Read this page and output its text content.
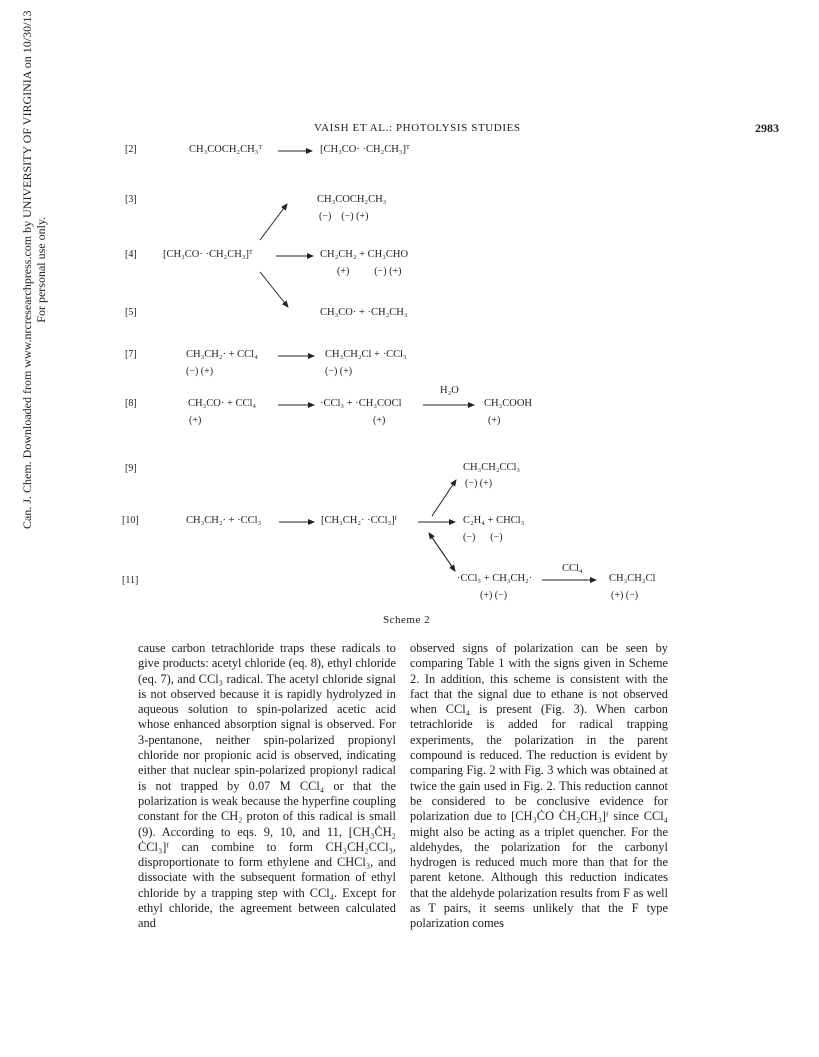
Can. J. Chem. Downloaded from www.nrcresearchpress.com by UNIVERSITY OF VIRGINIA on 10/30/13 For personal use only.
VAISH ET AL.: PHOTOLYSIS STUDIES	2983
[2]	CH₃COCH₂CH₃ᵀ	[CH₃CO· ·CH₂CH₃]ᵀ
[3]	CH₃COCH₂CH₃
(−)    (−) (+)
[4]	[CH₃CO· ·CH₂CH₃]ᵀ	CH₂CH₂ + CH₃CHO
(+)          (−) (+)
[5]	CH₃CO· + ·CH₂CH₃
[7]	CH₃CH₂· + CCl₄
(−) (+)
CH₃CH₂Cl + ·CCl₃
(−) (+)
[8]	CH₃CO· + CCl₄
(+)
·CCl₃ + ·CH₃COCl
(+)
H₂O
CH₃COOH
(+)
[9]	CH₃CH₂CCl₃
(−) (+)
[10]	CH₃CH₂· + ·CCl₃	[CH₃CH₂· ·CCl₃]ᶠ	C₂H₄ + CHCl₃
(−)      (−)
[11]	·CCl₃ + CH₃CH₂·
(+) (−)
CCl₄
CH₃CH₂Cl
(+) (−)
Scheme 2

cause carbon tetrachloride traps these radicals to give products: acetyl chloride (eq. 8), ethyl chloride (eq. 7), and CCl₃ radical. The acetyl chloride signal is not observed because it is rapidly hydrolyzed in aqueous solution to spin-polarized acetic acid whose enhanced absorption signal is observed. For 3-pentanone, neither spin-polarized propionyl chloride nor propionic acid is observed, indicating either that nuclear spin-polarized propionyl radical is not trapped by 0.07 M CCl₄ or that the polarization is weak because the hyperfine coupling constant for the CH₂ proton of this radical is small (9). According to eqs. 9, 10, and 11, [CH₃ĊH₂ ĊCl₃]ᶠ can combine to form CH₃CH₂CCl₃, disproportionate to form ethylene and CHCl₃, and dissociate with the subsequent formation of ethyl chloride by a trapping step with CCl₄. Except for ethyl chloride, the agreement between calculated and

observed signs of polarization can be seen by comparing Table 1 with the signs given in Scheme 2. In addition, this scheme is consistent with the fact that the signal due to ethane is not observed when CCl₄ is present (Fig. 3). When carbon tetrachloride is added for radical trapping experiments, the polarization in the parent compound is reduced. The reduction is evident by comparing Fig. 2 with Fig. 3 which was obtained at twice the gain used in Fig. 2. This reduction cannot be considered to be conclusive evidence for polarization due to [CH₃ĊO ĊH₂CH₃]ᶠ since CCl₄ might also be acting as a triplet quencher. For the aldehydes, the polarization for the carbonyl hydrogen is reduced much more than that for the parent ketone. Although this reduction indicates that the aldehyde polarization results from F as well as T pairs, it seems unlikely that the F type polarization comes
